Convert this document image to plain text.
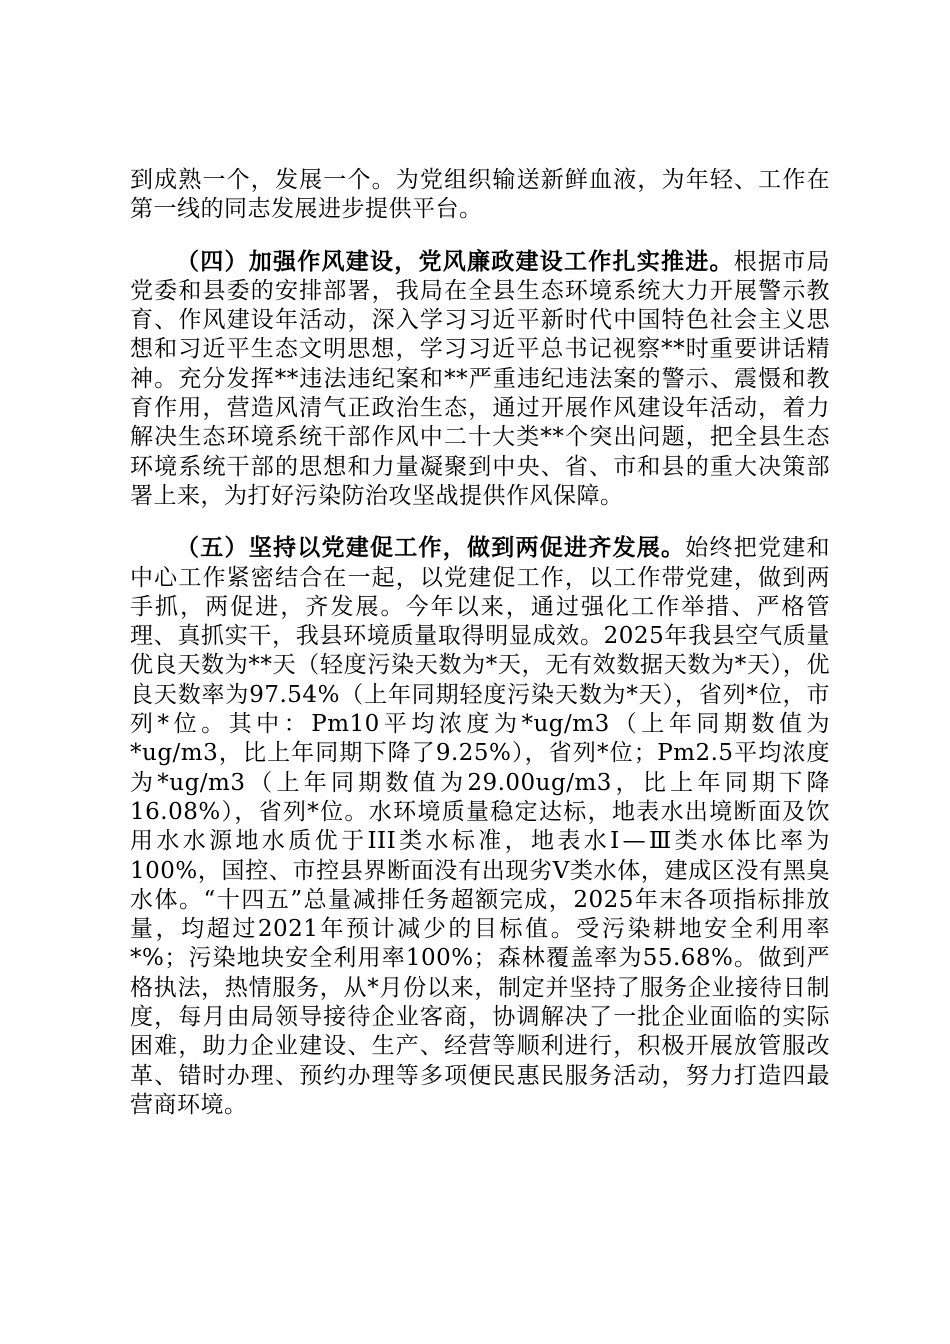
到成熟一个，发展一个。为党组织输送新鲜血液，为年轻、工作在第一线的同志发展进步提供平台。

（四）加强作风建设，党风廉政建设工作扎实推进。根据市局党委和县委的安排部署，我局在全县生态环境系统大力开展警示教育、作风建设年活动，深入学习习近平新时代中国特色社会主义思想和习近平生态文明思想，学习习近平总书记视察**时重要讲话精神。充分发挥**违法违纪案和**严重违纪违法案的警示、震慑和教育作用，营造风清气正政治生态，通过开展作风建设年活动，着力解决生态环境系统干部作风中二十大类**个突出问题，把全县生态环境系统干部的思想和力量凝聚到中央、省、市和县的重大决策部署上来，为打好污染防治攻坚战提供作风保障。

（五）坚持以党建促工作，做到两促进齐发展。始终把党建和中心工作紧密结合在一起，以党建促工作，以工作带党建，做到两手抓，两促进，齐发展。今年以来，通过强化工作举措、严格管理、真抓实干，我县环境质量取得明显成效。2025年我县空气质量优良天数为**天（轻度污染天数为*天，无有效数据天数为*天），优良天数率为97.54%（上年同期轻度污染天数为*天），省列*位，市列*位。其中：Pm10平均浓度为*ug/m3（上年同期数值为*ug/m3，比上年同期下降了9.25%），省列*位；Pm2.5平均浓度为*ug/m3（上年同期数值为29.00ug/m3，比上年同期下降16.08%），省列*位。水环境质量稳定达标，地表水出境断面及饮用水水源地水质优于III类水标准，地表水Ⅰ—Ⅲ类水体比率为100%，国控、市控县界断面没有出现劣Ⅴ类水体，建成区没有黑臭水体。“十四五”总量减排任务超额完成，2025年末各项指标排放量，均超过2021年预计减少的目标值。受污染耕地安全利用率*%；污染地块安全利用率100%；森林覆盖率为55.68%。做到严格执法，热情服务，从*月份以来，制定并坚持了服务企业接待日制度，每月由局领导接待企业客商，协调解决了一批企业面临的实际困难，助力企业建设、生产、经营等顺利进行，积极开展放管服改革、错时办理、预约办理等多项便民惠民服务活动，努力打造四最营商环境。
